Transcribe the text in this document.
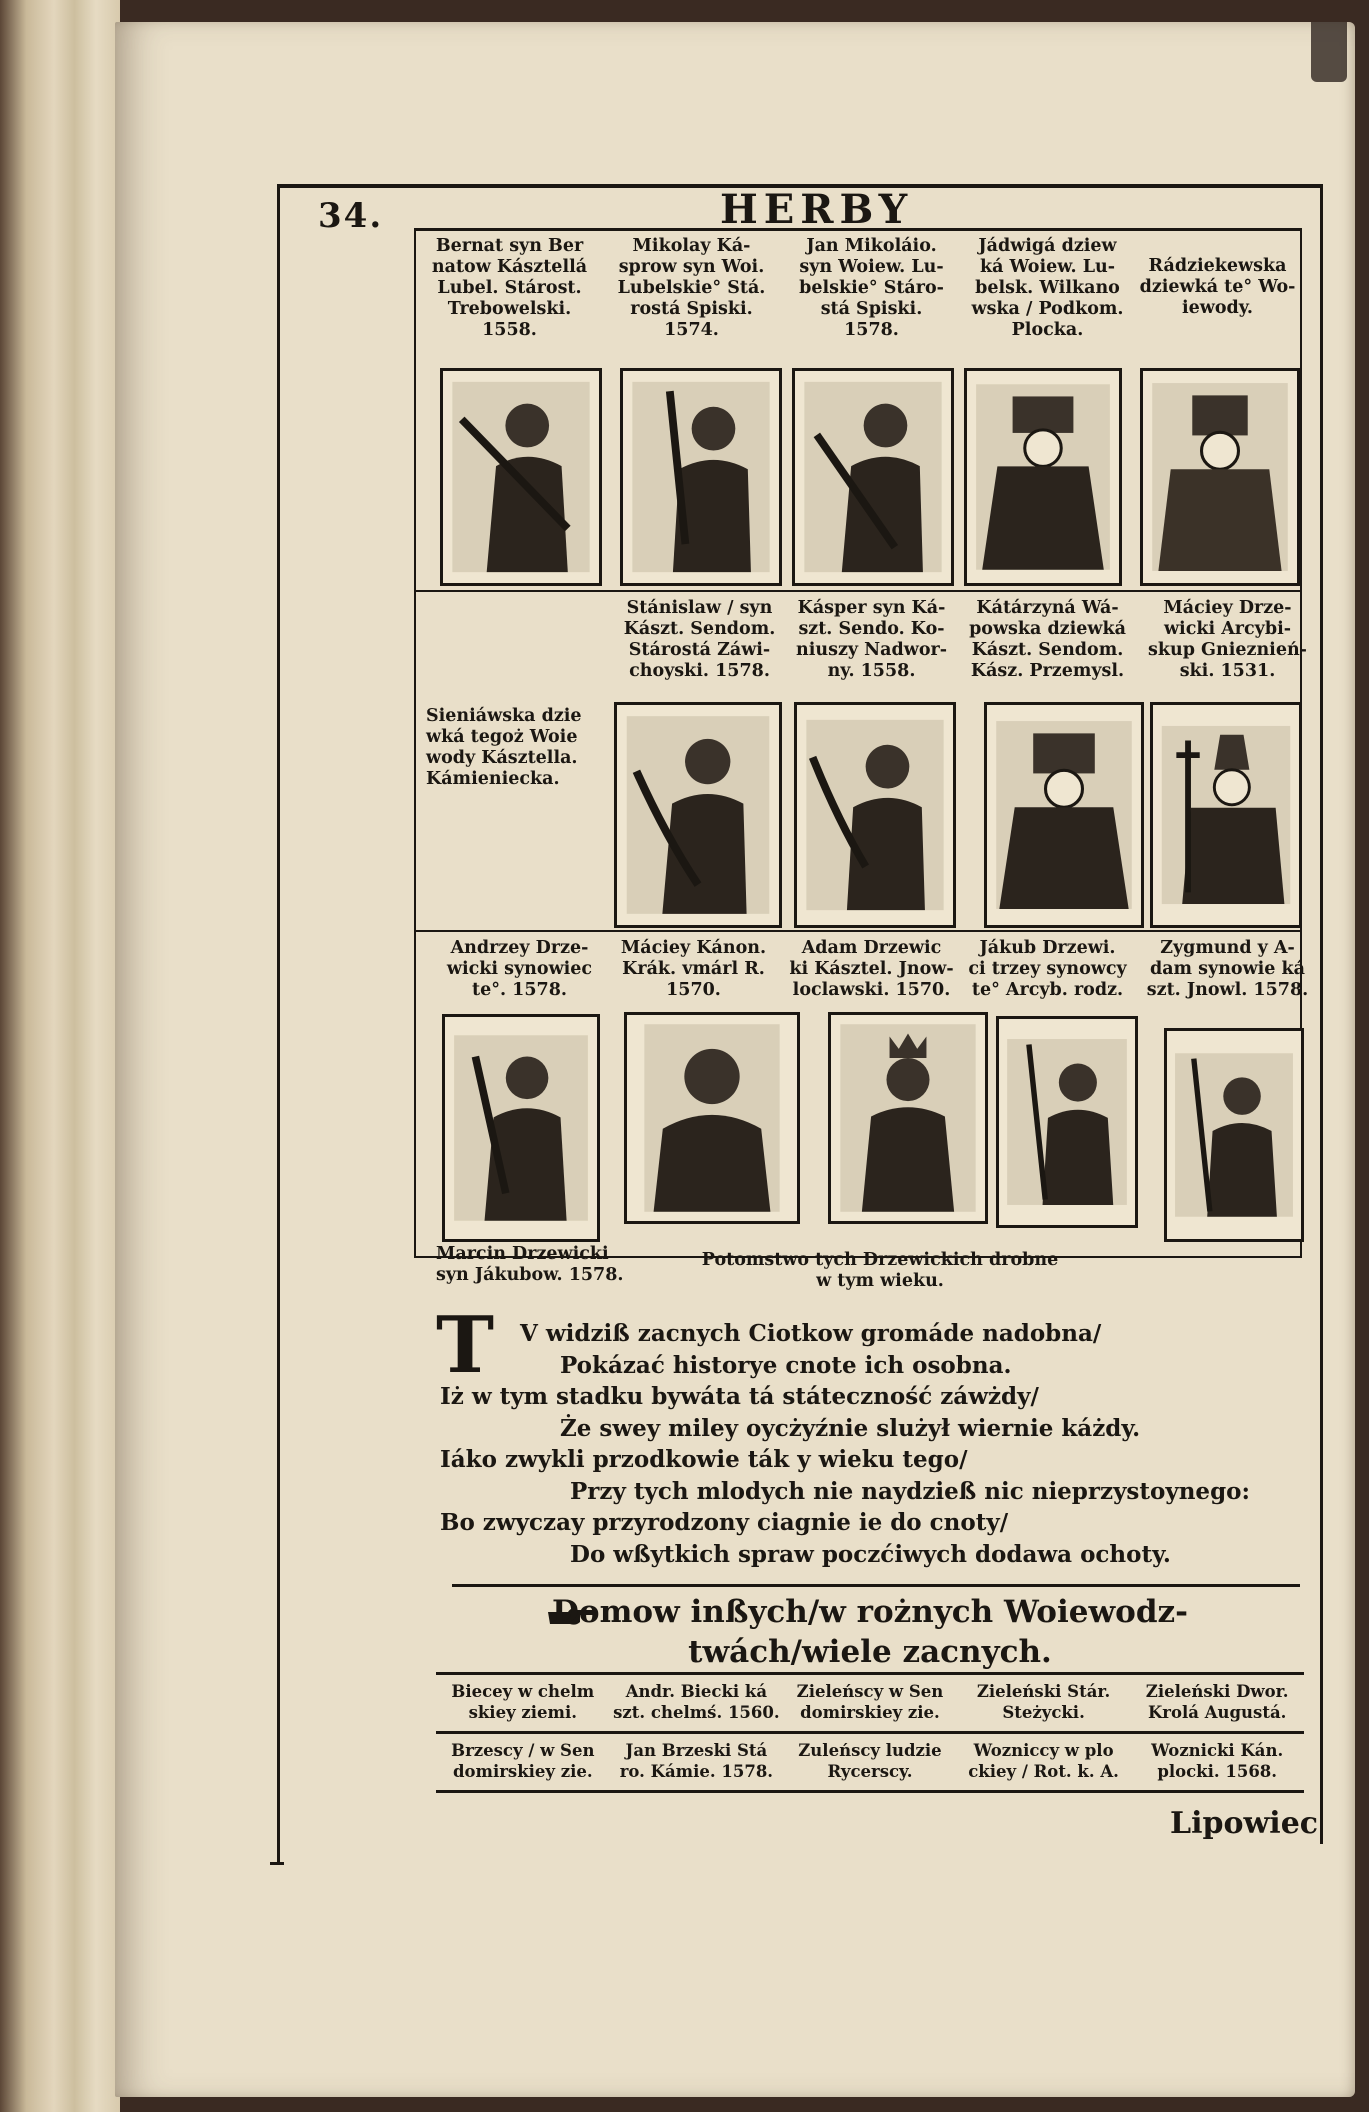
34.	HERBY
Bernat syn Ber
natow Kásztellá
Lubel. Stárost.
Trebowelski.
1558.
Mikolay Ká-
sprow syn Woi.
Lubelskie° Stá.
rostá Spiski.
1574.
Jan Mikoláio.
syn Woiew. Lu-
belskie° Stáro-
stá Spiski.
1578.
Jádwigá dziew
ká Woiew. Lu-
belsk. Wilkano
wska / Podkom.
Plocka.
Rádziekewska
dziewká te° Wo-
iewody.
Stánislaw / syn
Kászt. Sendom.
Stárostá Záwi-
choyski. 1578.
Kásper syn Ká-
szt. Sendo. Ko-
niuszy Nadwor-
ny. 1558.
Kátárzyná Wá-
powska dziewká
Kászt. Sendom.
Kász. Przemysl.
Máciey Drze-
wicki Arcybi-
skup Gnieznień-
ski. 1531.
Sieniáwska dzie
wká tegoż Woie
wody Kásztella.
Kámieniecka.
Andrzey Drze-
wicki synowiec
te°. 1578.
Máciey Kánon.
Krák. vmárl R.
1570.
Adam Drzewic
ki Kásztel. Jnow-
loclawski. 1570.
Jákub Drzewi.
ci trzey synowcy
te° Arcyb. rodz.
Zygmund y A-
dam synowie ká
szt. Jnowl. 1578.
Marcin Drzewicki
syn Jákubow. 1578.
Potomstwo tych Drzewickich drobne
w tym wieku.
T	V widziß zacnych Ciotkow gromáde nadobna/
Pokázać historye cnote ich osobna.
Iż w tym stadku bywáta tá státeczność záwżdy/
Że swey miley oycżyźnie slużył wiernie káżdy.
Iáko zwykli przodkowie ták y wieku tego/
Przy tych mlodych nie naydzieß nic nieprzystoynego:
Bo zwyczay przyrodzony ciagnie ie do cnoty/
Do wßytkich spraw poczćiwych dodawa ochoty.
Domow inßych/w rożnych Woiewodz-
twách/wiele zacnych.
Biecey w chelm
skiey ziemi.
Andr. Biecki ká
szt. chelmś. 1560.
Zieleńscy w Sen
domirskiey zie.
Zieleński Stár.
Steżycki.
Zieleński Dwor.
Krolá Augustá.
Brzescy / w Sen
domirskiey zie.
Jan Brzeski Stá
ro. Kámie. 1578.
Zuleńscy ludzie
Rycerscy.
Wozniccy w plo
ckiey / Rot. k. A.
Woznicki Kán.
plocki. 1568.
Lipowiec
